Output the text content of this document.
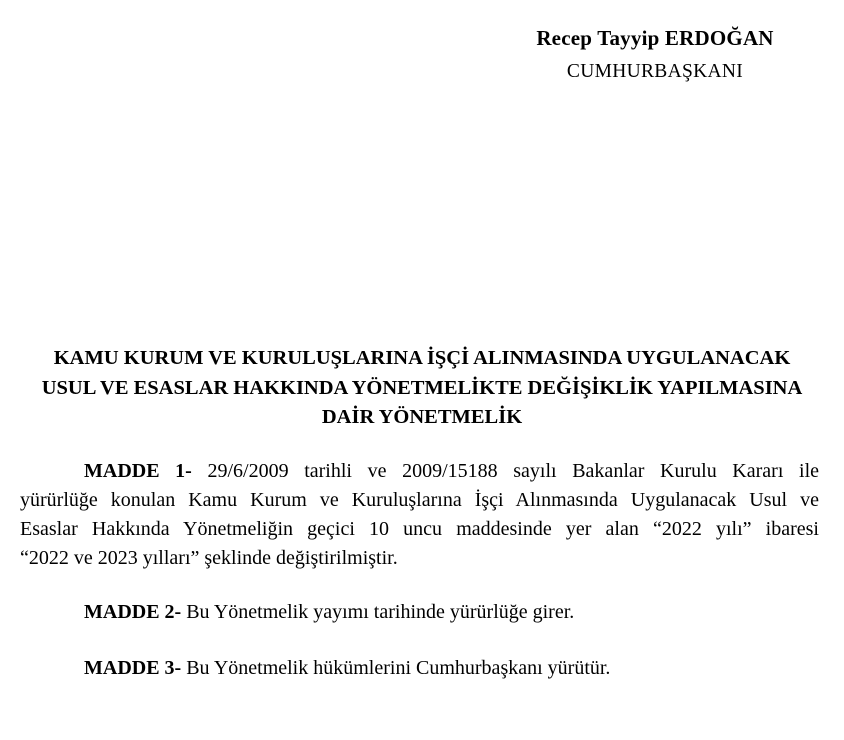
Recep Tayyip ERDOĞAN
CUMHURBAŞKANI
KAMU KURUM VE KURULUŞLARINA İŞÇİ ALINMASINDA UYGULANACAK
USUL VE ESASLAR HAKKINDA YÖNETMELİKTE DEĞİŞİKLİK YAPILMASINA
DAİR YÖNETMELİK
MADDE 1- 29/6/2009 tarihli ve 2009/15188 sayılı Bakanlar Kurulu Kararı ile
yürürlüğe konulan Kamu Kurum ve Kuruluşlarına İşçi Alınmasında Uygulanacak Usul ve
Esaslar Hakkında Yönetmeliğin geçici 10 uncu maddesinde yer alan “2022 yılı” ibaresi
“2022 ve 2023 yılları” şeklinde değiştirilmiştir.
MADDE 2- Bu Yönetmelik yayımı tarihinde yürürlüğe girer.
MADDE 3- Bu Yönetmelik hükümlerini Cumhurbaşkanı yürütür.
